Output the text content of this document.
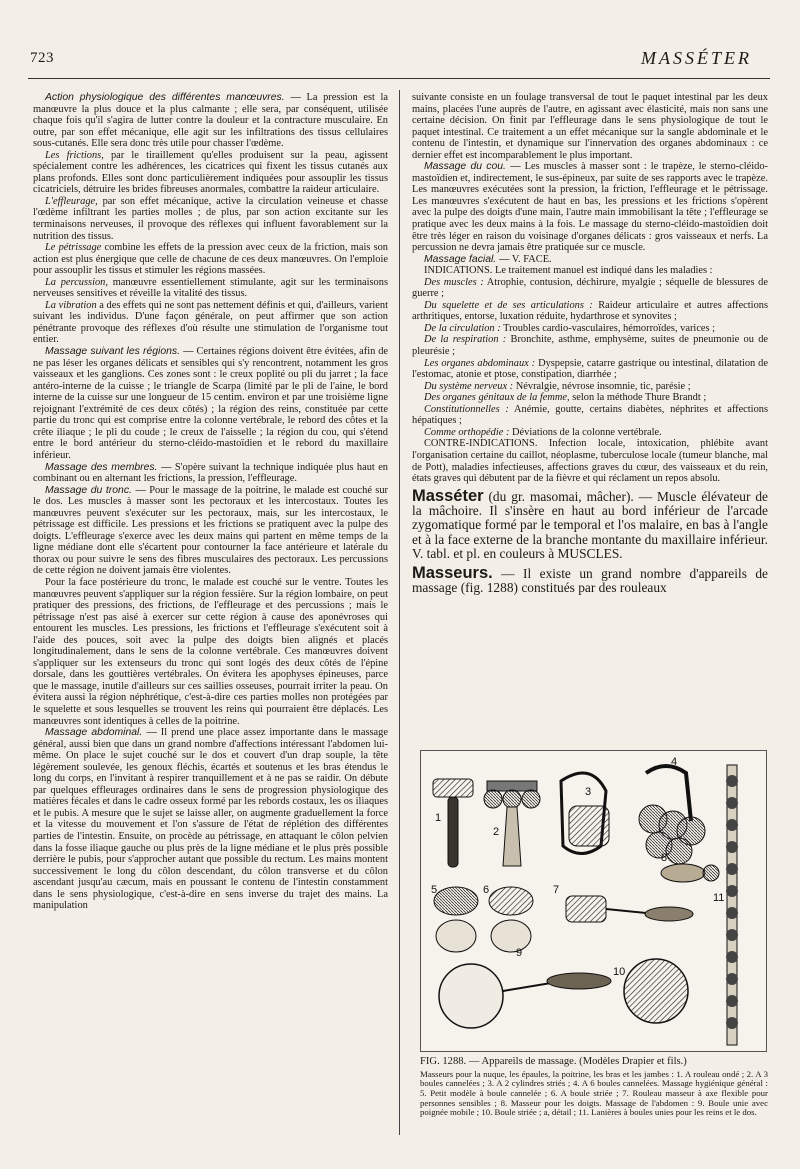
723	MASSÉTER

Action physiologique des différentes manœuvres. — La pression est la manœuvre la plus douce et la plus calmante ; elle sera, par conséquent, utilisée chaque fois qu'il s'agira de lutter contre la douleur et la contracture musculaire. En outre, par son effet mécanique, elle agit sur les infiltrations des tissus cellulaires sous-cutanés. Elle sera donc très utile pour chasser l'œdème.

Les frictions, par le tiraillement qu'elles produisent sur la peau, agissent spécialement contre les adhérences, les cicatrices qui fixent les tissus cutanés aux plans profonds. Elles sont donc particulièrement indiquées pour assouplir les tissus cicatriciels, détruire les brides fibreuses anormales, combattre la raideur articulaire.

L'effleurage, par son effet mécanique, active la circulation veineuse et chasse l'œdème infiltrant les parties molles ; de plus, par son action excitante sur les terminaisons nerveuses, il provoque des réflexes qui influent favorablement sur la nutrition des tissus.

Le pétrissage combine les effets de la pression avec ceux de la friction, mais son action est plus énergique que celle de chacune de ces deux manœuvres. On l'emploie pour assouplir les tissus et stimuler les régions massées.

La percussion, manœuvre essentiellement stimulante, agit sur les terminaisons nerveuses sensitives et réveille la vitalité des tissus.

La vibration a des effets qui ne sont pas nettement définis et qui, d'ailleurs, varient suivant les individus. D'une façon générale, on peut affirmer que son action pénétrante provoque des réflexes d'où résulte une stimulation de l'organisme tout entier.

Massage suivant les régions. — Certaines régions doivent être évitées, afin de ne pas léser les organes délicats et sensibles qui s'y rencontrent, notamment les gros vaisseaux et les ganglions. Ces zones sont : le creux poplité ou pli du jarret ; la face antéro-interne de la cuisse ; le triangle de Scarpa (limité par le pli de l'aine, le bord interne de la cuisse sur une longueur de 15 centim. environ et par une troisième ligne rejoignant l'extrémité de ces deux côtés) ; la région des reins, constituée par cette partie du tronc qui est comprise entre la colonne vertébrale, le rebord des côtes et la crête iliaque ; le pli du coude ; le creux de l'aisselle ; la région du cou, qui s'étend entre le bord antérieur du sterno-cléido-mastoïdien et le rebord du maxillaire inférieur.

Massage des membres. — S'opère suivant la technique indiquée plus haut en combinant ou en alternant les frictions, la pression, l'effleurage.

Massage du tronc. — Pour le massage de la poitrine, le malade est couché sur le dos. Les muscles à masser sont les pectoraux et les intercostaux. Toutes les manœuvres peuvent s'exécuter sur les pectoraux, mais, sur les intercostaux, le pétrissage est difficile. Les pressions et les frictions se pratiquent avec la pulpe des doigts. L'effleurage s'exerce avec les deux mains qui partent en même temps de la ligne médiane dont elle s'écartent pour contourner la face antérieure et latérale du thorax ou pour suivre le sens des fibres musculaires des pectoraux. Les percussions de cette région ne doivent jamais être violentes.

Pour la face postérieure du tronc, le malade est couché sur le ventre. Toutes les manœuvres peuvent s'appliquer sur la région fessière. Sur la région lombaire, on peut pratiquer des pressions, des frictions, de l'effleurage et des percussions ; mais le pétrissage n'est pas aisé à exercer sur cette région à cause des aponévroses qui entourent les muscles. Les pressions, les frictions et l'effleurage s'exécutent soit à l'aide des pouces, soit avec la pulpe des doigts bien alignés et placés longitudinalement, dans le sens de la colonne vertébrale. Ces manœuvres doivent s'appliquer sur les extenseurs du tronc qui sont logés des deux côtés de l'épine dorsale, dans les gouttières vertébrales. On évitera les apophyses épineuses, parce que le massage, inutile d'ailleurs sur ces saillies osseuses, pourrait irriter la peau. On évitera aussi la région néphrétique, c'est-à-dire ces parties molles non protégées par le squelette et sous lesquelles se trouvent les reins qui pourraient être déplacés. Les manœuvres sont identiques à celles de la poitrine.

Massage abdominal. — Il prend une place assez importante dans le massage général, aussi bien que dans un grand nombre d'affections intéressant l'abdomen lui-même. On place le sujet couché sur le dos et couvert d'un drap souple, la tête légèrement soulevée, les genoux fléchis, écartés et soutenus et les bras étendus le long du corps, en l'invitant à respirer tranquillement et à ne pas se raidir. On débute par quelques effleurages ordinaires dans le sens de progression physiologique des matières fécales et dans le cadre osseux formé par les rebords costaux, les os iliaques et le pubis. A mesure que le sujet se laisse aller, on augmente graduellement la force et la vitesse du mouvement et l'on s'assure de l'état de réplétion des différentes parties de l'intestin. Ensuite, on procède au pétrissage, en attaquant le côlon pelvien dans la fosse iliaque gauche ou plus près de la ligne médiane et le plus près possible derrière le pubis, pour s'approcher autant que possible du rectum. Les mains montent successivement le long du côlon descendant, du côlon transverse et du côlon ascendant jusqu'au cæcum, mais en poussant le contenu de l'intestin constamment dans le sens physiologique, c'est-à-dire en sens inverse du trajet des mains. La manipulation

suivante consiste en un foulage transversal de tout le paquet intestinal par les deux mains, placées l'une auprès de l'autre, en agissant avec élasticité, mais non sans une certaine décision. On finit par l'effleurage dans le sens physiologique de tout le paquet intestinal. Ce traitement a un effet mécanique sur la sangle abdominale et le contenu de l'intestin, et dynamique sur l'innervation des organes abdominaux : ce dernier effet est incomparablement le plus important.

Massage du cou. — Les muscles à masser sont : le trapèze, le sterno-cléido-mastoïdien et, indirectement, le sus-épineux, par suite de ses rapports avec le trapèze. Les manœuvres exécutées sont la pression, la friction, l'effleurage et le pétrissage. Les manœuvres s'exécutent de haut en bas, les pressions et les frictions s'opèrent avec la pulpe des doigts d'une main, l'autre main immobilisant la tête ; l'effleurage se pratique avec les deux mains à la fois. Le massage du sterno-cléido-mastoïdien doit être très léger en raison du voisinage d'organes délicats : gros vaisseaux et nerfs. La percussion ne devra jamais être pratiquée sur ce muscle.

Massage facial. — V. FACE.

INDICATIONS. Le traitement manuel est indiqué dans les maladies :

Des muscles : Atrophie, contusion, déchirure, myalgie ; séquelle de blessures de guerre ;

Du squelette et de ses articulations : Raideur articulaire et autres affections arthritiques, entorse, luxation réduite, hydarthrose et synovites ;

De la circulation : Troubles cardio-vasculaires, hémorroïdes, varices ;

De la respiration : Bronchite, asthme, emphysème, suites de pneumonie ou de pleurésie ;

Les organes abdominaux : Dyspepsie, catarre gastrique ou intestinal, dilatation de l'estomac, atonie et ptose, constipation, diarrhée ;

Du système nerveux : Névralgie, névrose insomnie, tic, parésie ;

Des organes génitaux de la femme, selon la méthode Thure Brandt ;

Constitutionnelles : Anémie, goutte, certains diabètes, néphrites et affections hépatiques ;

Comme orthopédie : Déviations de la colonne vertébrale.

CONTRE-INDICATIONS. Infection locale, intoxication, phlébite avant l'organisation certaine du caillot, néoplasme, tuberculose locale (tumeur blanche, mal de Pott), maladies infectieuses, affections graves du cœur, des vaisseaux et du rein, états graves qui débutent par de la fièvre et qui réclament un repos absolu.

Masséter (du gr. masomai, mâcher). — Muscle élévateur de la mâchoire. Il s'insère en haut au bord inférieur de l'arcade zygomatique formé par le temporal et l'os malaire, en bas à l'angle et à la face externe de la branche montante du maxillaire inférieur. V. tabl. et pl. en couleurs à MUSCLES.

Masseurs. — Il existe un grand nombre d'appareils de massage (fig. 1288) constitués par des rouleaux

1
2
3
4
5	6	7
8
9
10
11
FIG. 1288. — Appareils de massage. (Modèles Drapier et fils.)
Masseurs pour la nuque, les épaules, la poitrine, les bras et les jambes : 1. A rouleau ondé ; 2. A 3 boules cannelées ; 3. A 2 cylindres striés ; 4. A 6 boules cannelées. Massage hygiénique général : 5. Petit modèle à boule cannelée ; 6. A boule striée ; 7. Rouleau masseur à axe flexible pour personnes sensibles ; 8. Masseur pour les doigts. Massage de l'abdomen : 9. Boule unie avec poignée mobile ; 10. Boule striée ; a, détail ; 11. Lanières à boules unies pour les reins et le dos.
